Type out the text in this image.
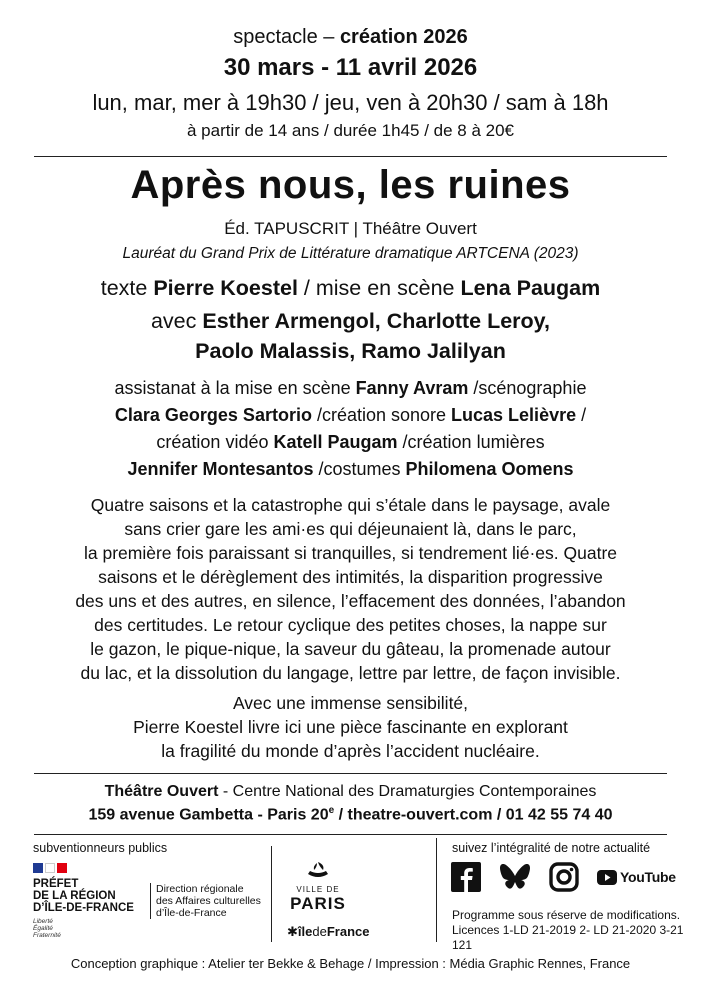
spectacle – création 2026
30 mars - 11 avril 2026
lun, mar, mer à 19h30 / jeu, ven à 20h30 / sam à 18h
à partir de 14 ans / durée 1h45 / de 8 à 20€
Après nous, les ruines
Éd. TAPUSCRIT | Théâtre Ouvert
Lauréat du Grand Prix de Littérature dramatique ARTCENA (2023)
texte Pierre Koestel / mise en scène Lena Paugam
avec Esther Armengol, Charlotte Leroy,
Paolo Malassis, Ramo Jalilyan
assistanat à la mise en scène Fanny Avram /scénographie
Clara Georges Sartorio /création sonore Lucas Lelièvre /
création vidéo Katell Paugam /création lumières
Jennifer Montesantos /costumes Philomena Oomens
Quatre saisons et la catastrophe qui s’étale dans le paysage, avale
sans crier gare les ami·es qui déjeunaient là, dans le parc,
la première fois paraissant si tranquilles, si tendrement lié·es. Quatre
saisons et le dérèglement des intimités, la disparition progressive
des uns et des autres, en silence, l’effacement des données, l’abandon
des certitudes. Le retour cyclique des petites choses, la nappe sur
le gazon, le pique-nique, la saveur du gâteau, la promenade autour
du lac, et la dissolution du langage, lettre par lettre, de façon invisible.
Avec une immense sensibilité,
Pierre Koestel livre ici une pièce fascinante en explorant
la fragilité du monde d’après l’accident nucléaire.
Théâtre Ouvert - Centre National des Dramaturgies Contemporaines
159 avenue Gambetta - Paris 20e / theatre-ouvert.com / 01 42 55 74 40
subventionneurs publics	suivez l’intégralité de notre actualité
PRÉFET
DE LA RÉGION
D’ÎLE-DE-FRANCE
Liberté
Égalité
Fraternité
Direction régionale
des Affaires culturelles
d’Île-de-France
VILLE DE
PARIS
✱îledeFrance
YouTube
Programme sous réserve de modifications.
Licences 1-LD 21-2019 2- LD 21-2020 3-21 121
Conception graphique : Atelier ter Bekke & Behage / Impression : Média Graphic Rennes, France
